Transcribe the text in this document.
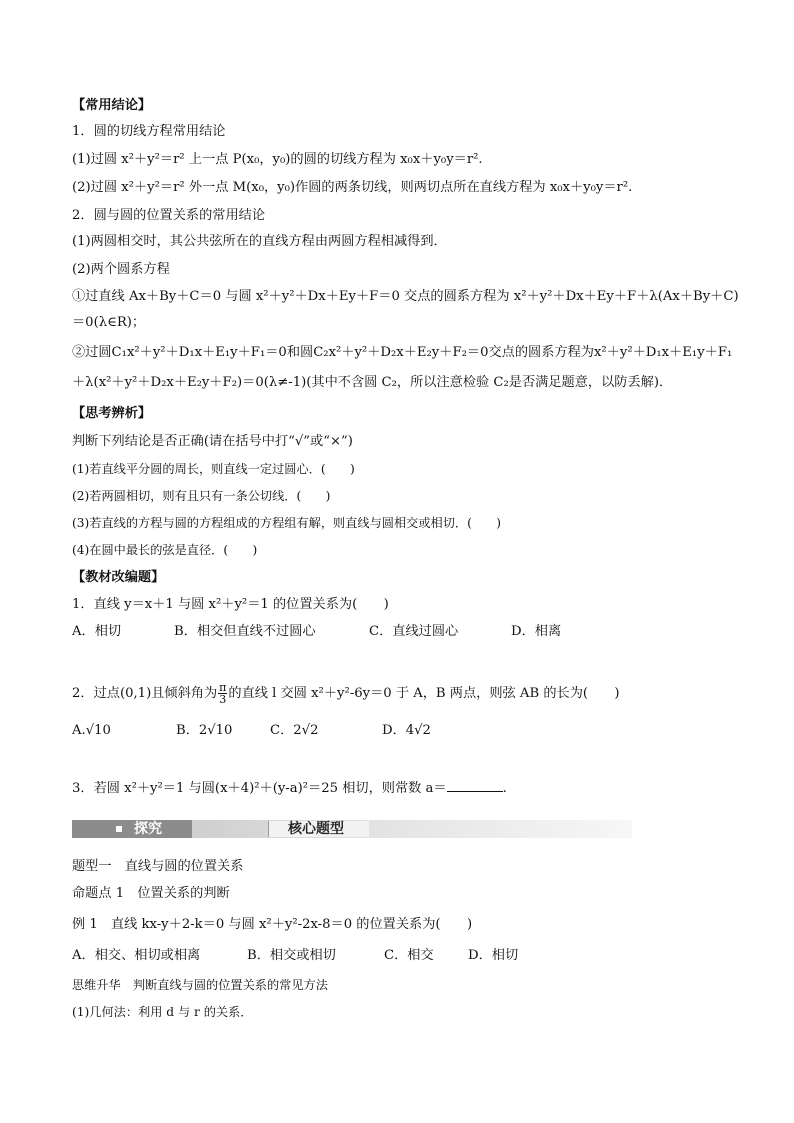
【常用结论】
1．圆的切线方程常用结论
(1)过圆 x²＋y²＝r² 上一点 P(x₀，y₀)的圆的切线方程为 x₀x＋y₀y＝r².
(2)过圆 x²＋y²＝r² 外一点 M(x₀，y₀)作圆的两条切线，则两切点所在直线方程为 x₀x＋y₀y＝r².
2．圆与圆的位置关系的常用结论
(1)两圆相交时，其公共弦所在的直线方程由两圆方程相减得到．
(2)两个圆系方程
①过直线 Ax＋By＋C＝0 与圆 x²＋y²＋Dx＋Ey＋F＝0 交点的圆系方程为 x²＋y²＋Dx＋Ey＋F＋λ(Ax＋By＋C)
＝0(λ∈R)；
②过圆C₁x²＋y²＋D₁x＋E₁y＋F₁＝0和圆C₂x²＋y²＋D₂x＋E₂y＋F₂＝0交点的圆系方程为x²＋y²＋D₁x＋E₁y＋F₁
＋λ(x²＋y²＋D₂x＋E₂y＋F₂)＝0(λ≠-1)(其中不含圆 C₂，所以注意检验 C₂是否满足题意，以防丢解)．
【思考辨析】
判断下列结论是否正确(请在括号中打“√”或“×”)
(1)若直线平分圆的周长，则直线一定过圆心．(　　)
(2)若两圆相切，则有且只有一条公切线．(　　)
(3)若直线的方程与圆的方程组成的方程组有解，则直线与圆相交或相切．(　　)
(4)在圆中最长的弦是直径．(　　)
【教材改编题】
1．直线 y＝x＋1 与圆 x²＋y²＝1 的位置关系为(　　)
A．相切	B．相交但直线不过圆心	C．直线过圆心	D．相离
2．过点(0,1)且倾斜角为 $\frac{\pi}{3}$ 的直线 l 交圆 x²＋y²-6y＝0 于 A，B 两点，则弦 AB 的长为(　　)
A.√10	B．2√10	C．2√2	D．4√2
3．若圆 x²＋y²＝1 与圆(x＋4)²＋(y-a)²＝25 相切，则常数 a＝	.
探究	核心题型
题型一　直线与圆的位置关系
命题点 1　位置关系的判断
例 1　直线 kx-y＋2-k＝0 与圆 x²＋y²-2x-8＝0 的位置关系为(　　)
A．相交、相切或相离	B．相交或相切	C．相交	D．相切
思维升华　判断直线与圆的位置关系的常见方法
(1)几何法：利用 d 与 r 的关系．
